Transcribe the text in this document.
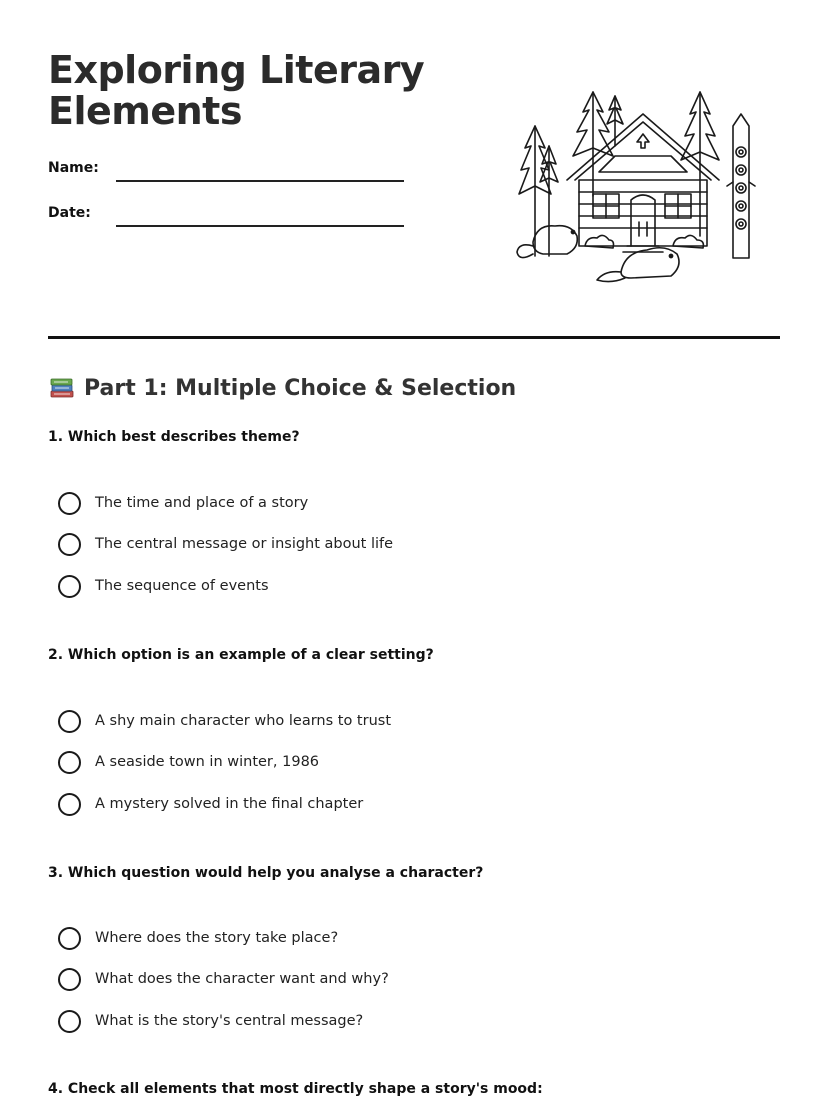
Exploring Literary Elements
Name:
Date:
Part 1: Multiple Choice & Selection
1. Which best describes theme?
The time and place of a story
The central message or insight about life
The sequence of events
2. Which option is an example of a clear setting?
A shy main character who learns to trust
A seaside town in winter, 1986
A mystery solved in the final chapter
3. Which question would help you analyse a character?
Where does the story take place?
What does the character want and why?
What is the story's central message?
4. Check all elements that most directly shape a story's mood:
